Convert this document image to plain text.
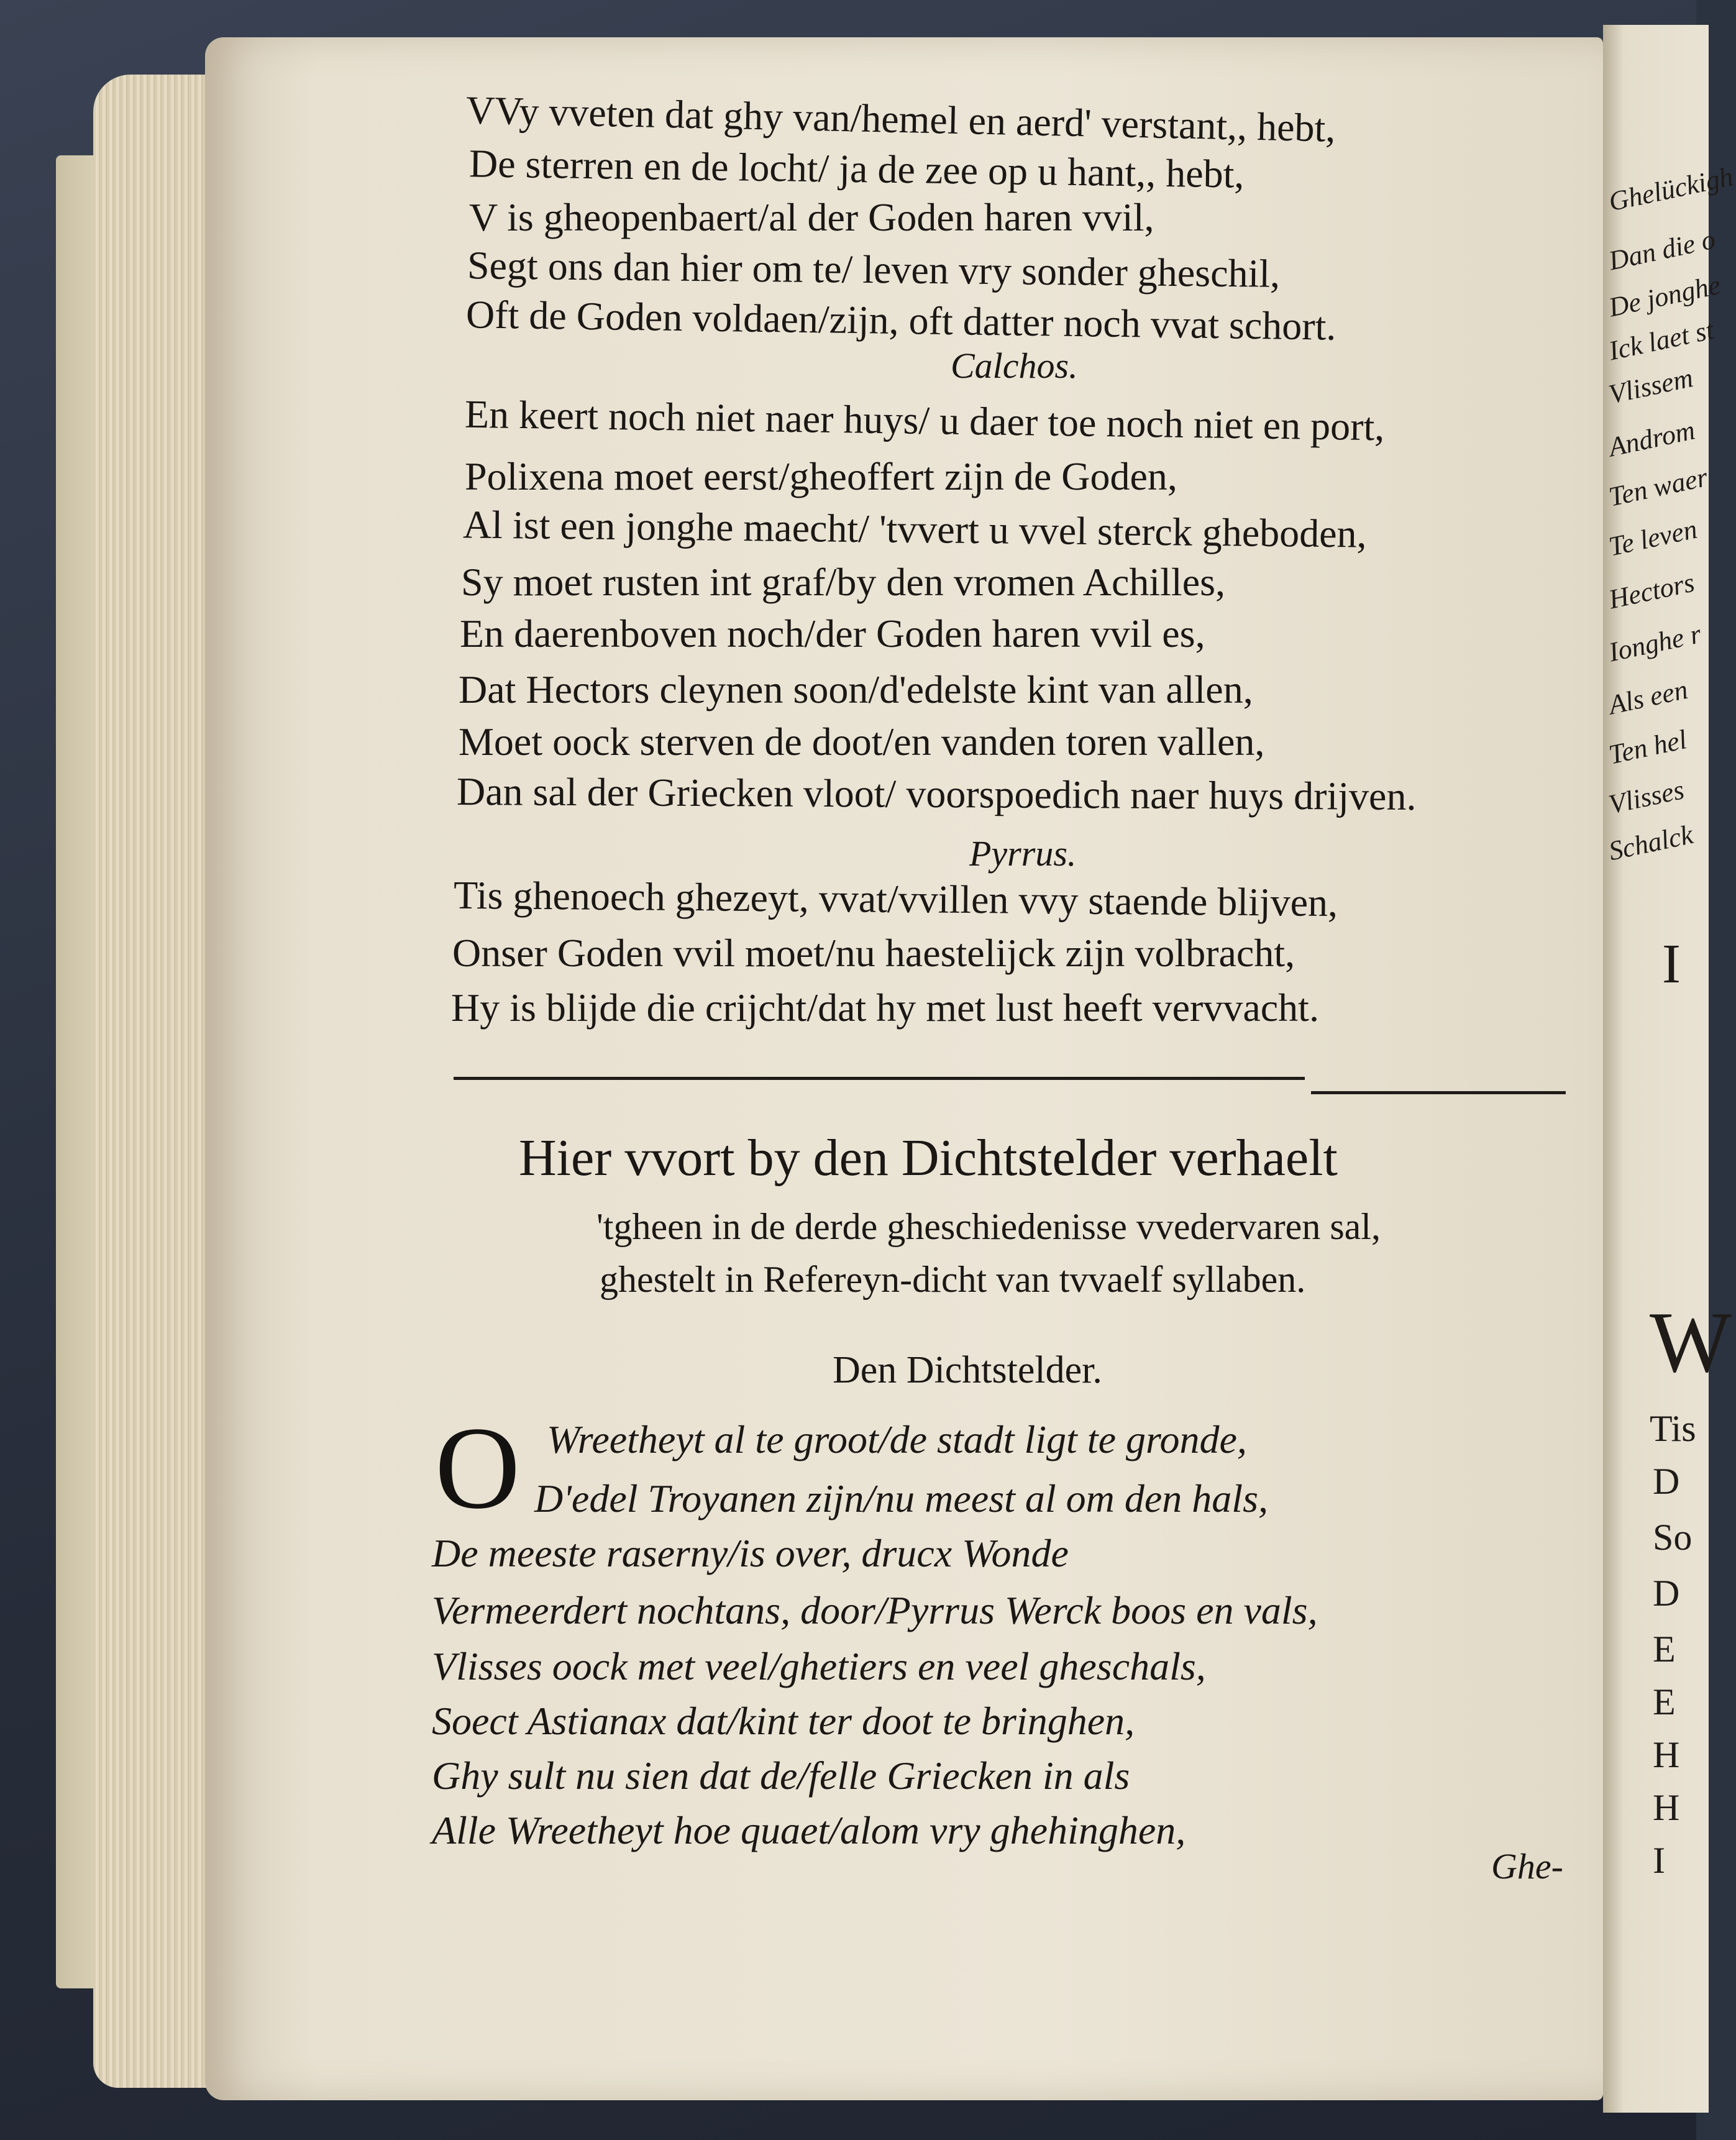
VVy vveten dat ghy van/hemel en aerd' verstant,, hebt,
De sterren en de locht/ ja de zee op u hant,, hebt,
V is gheopenbaert/al der Goden haren vvil,
Segt ons dan hier om te/ leven vry sonder gheschil,
Oft de Goden voldaen/zijn, oft datter noch vvat schort.
Calchos.
En keert noch niet naer huys/ u daer toe noch niet en port,
Polixena moet eerst/gheoffert zijn de Goden,
Al ist een jonghe maecht/ 'tvvert u vvel sterck gheboden,
Sy moet rusten int graf/by den vromen Achilles,
En daerenboven noch/der Goden haren vvil es,
Dat Hectors cleynen soon/d'edelste kint van allen,
Moet oock sterven de doot/en vanden toren vallen,
Dan sal der Griecken vloot/ voorspoedich naer huys drijven.
Pyrrus.
Tis ghenoech ghezeyt, vvat/vvillen vvy staende blijven,
Onser Goden vvil moet/nu haestelijck zijn volbracht,
Hy is blijde die crijcht/dat hy met lust heeft vervvacht.
Hier vvort by den Dichtstelder verhaelt
'tgheen in de derde gheschiedenisse vvedervaren sal,
ghestelt in Refereyn-dicht van tvvaelf syllaben.
Den Dichtstelder.
O Wreetheyt al te groot/de stadt ligt te gronde,
D'edel Troyanen zijn/nu meest al om den hals,
De meeste raserny/is over, drucx Wonde
Vermeerdert nochtans, door/Pyrrus Werck boos en vals,
Vlisses oock met veel/ghetiers en veel gheschals,
Soect Astianax dat/kint ter doot te bringhen,
Ghy sult nu sien dat de/felle Griecken in als
Alle Wreetheyt hoe quaet/alom vry ghehinghen,
Ghe-
Ghelückigh
Dan die o
De jonghe
Ick laet st
Vlissem
Androm
Ten waer
Te leven
Hectors
Ionghe r
Als een
Ten hel
Vlisses
Schalck
I
W
Tis
D
So
D
E
E
H
H
I
